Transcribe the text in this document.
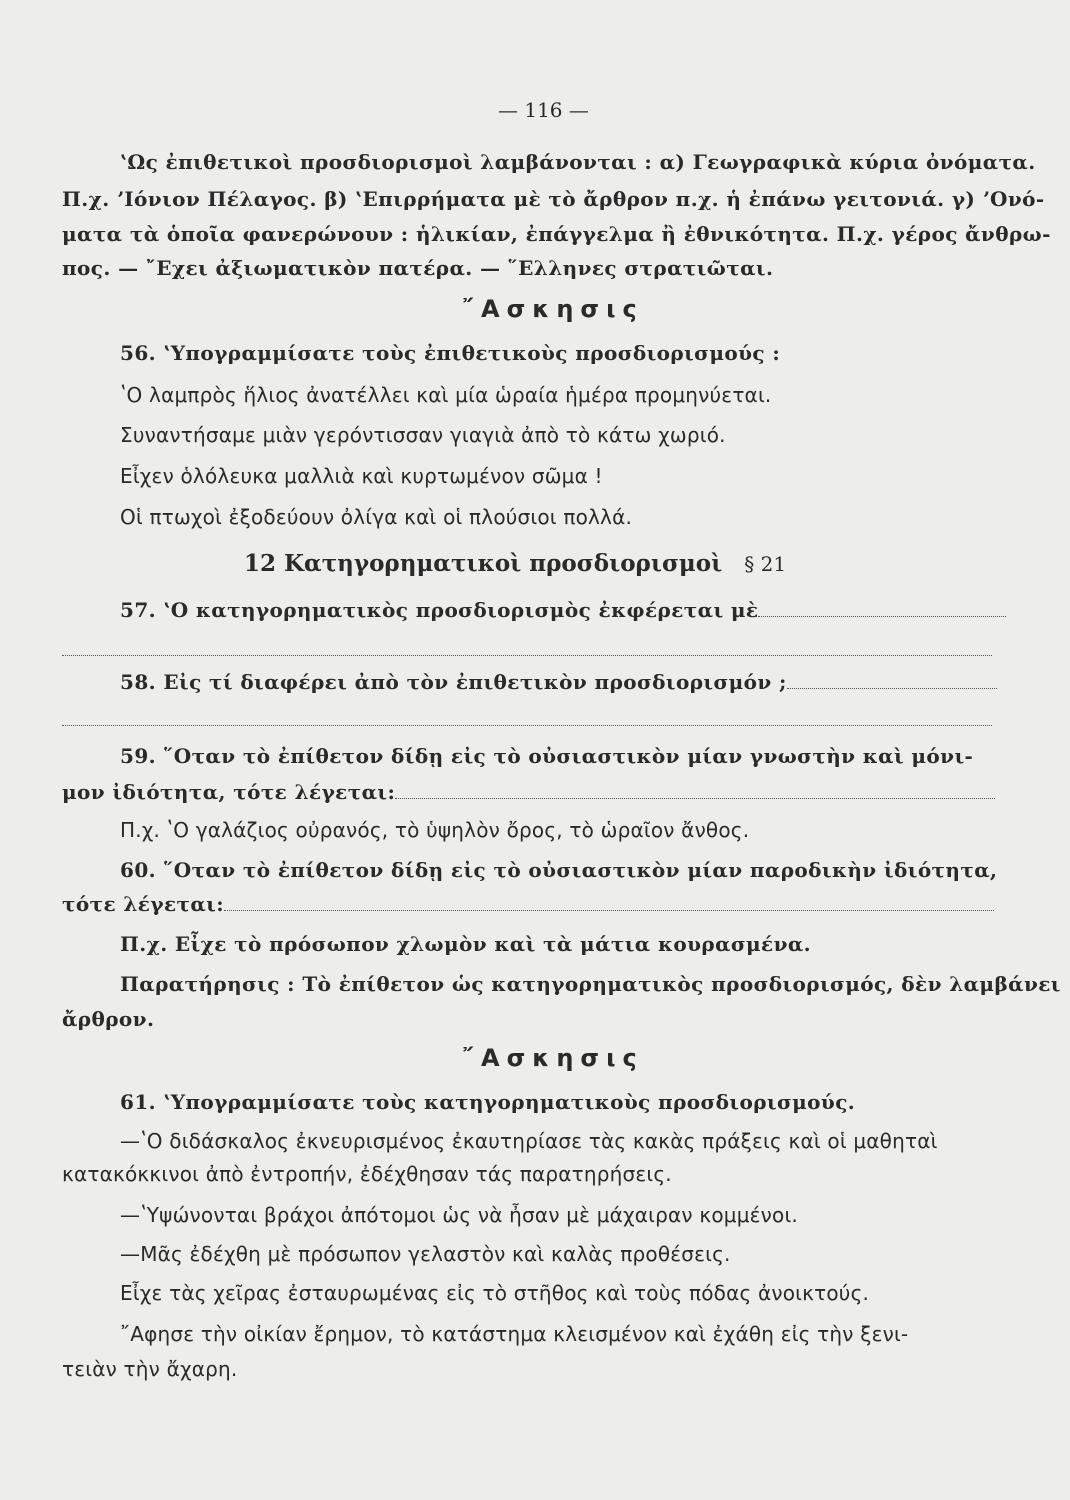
— 116 —
ʽΩς ἐπιθετικοὶ προσδιορισμοὶ λαμβάνονται : α) Γεωγραφικὰ κύρια ὀνόματα.
Π.χ. ʼΙόνιον Πέλαγος. β) ʽΕπιρρήματα μὲ τὸ ἄρθρον π.χ. ἡ ἐπάνω γειτονιά. γ) ʼΟνό-
ματα τὰ ὁποῖα φανερώνουν : ἡλικίαν, ἐπάγγελμα ἢ ἐθνικότητα. Π.χ. γέρος ἄνθρω-
πος. — ῎Εχει ἀξιωματικὸν πατέρα. — ῞Ελληνες στρατιῶται.
῎Ασκησις
56. ʽΥπογραμμίσατε τοὺς ἐπιθετικοὺς προσδιορισμούς :
ʽΟ λαμπρὸς ἥλιος ἀνατέλλει καὶ μία ὡραία ἡμέρα προμηνύεται.
Συναντήσαμε μιὰν γερόντισσαν γιαγιὰ ἀπὸ τὸ κάτω χωριό.
Εἶχεν ὁλόλευκα μαλλιὰ καὶ κυρτωμένον σῶμα !
Οἱ πτωχοὶ ἐξοδεύουν ὀλίγα καὶ οἱ πλούσιοι πολλά.
12 Κατηγορηματικοὶ προσδιορισμοὶ § 21
57. ʽΟ κατηγορηματικὸς προσδιορισμὸς ἐκφέρεται μὲ
58. Εἰς τί διαφέρει ἀπὸ τὸν ἐπιθετικὸν προσδιορισμόν ;
59. ῞Οταν τὸ ἐπίθετον δίδῃ εἰς τὸ οὐσιαστικὸν μίαν γνωστὴν καὶ μόνι-
μον ἰδιότητα, τότε λέγεται:
Π.χ. ʽΟ γαλάζιος οὐρανός, τὸ ὑψηλὸν ὄρος, τὸ ὡραῖον ἄνθος.
60. ῞Οταν τὸ ἐπίθετον δίδῃ εἰς τὸ οὐσιαστικὸν μίαν παροδικὴν ἰδιότητα,
τότε λέγεται:
Π.χ. Εἶχε τὸ πρόσωπον χλωμὸν καὶ τὰ μάτια κουρασμένα.
Παρατήρησις : Τὸ ἐπίθετον ὡς κατηγορηματικὸς προσδιορισμός, δὲν λαμβάνει
ἄρθρον.
῎Ασκησις
61. ʽΥπογραμμίσατε τοὺς κατηγορηματικοὺς προσδιορισμούς.
—ʽΟ διδάσκαλος ἐκνευρισμένος ἐκαυτηρίασε τὰς κακὰς πράξεις καὶ οἱ μαθηταὶ
κατακόκκινοι ἀπὸ ἐντροπήν, ἐδέχθησαν τάς παρατηρήσεις.
—ʽΥψώνονται βράχοι ἀπότομοι ὡς νὰ ἦσαν μὲ μάχαιραν κομμένοι.
—Μᾶς ἐδέχθη μὲ πρόσωπον γελαστὸν καὶ καλὰς προθέσεις.
Εἶχε τὰς χεῖρας ἐσταυρωμένας εἰς τὸ στῆθος καὶ τοὺς πόδας ἀνοικτούς.
῎Αφησε τὴν οἰκίαν ἔρημον, τὸ κατάστημα κλεισμένον καὶ ἐχάθη εἰς τὴν ξενι-
τειὰν τὴν ἄχαρη.
